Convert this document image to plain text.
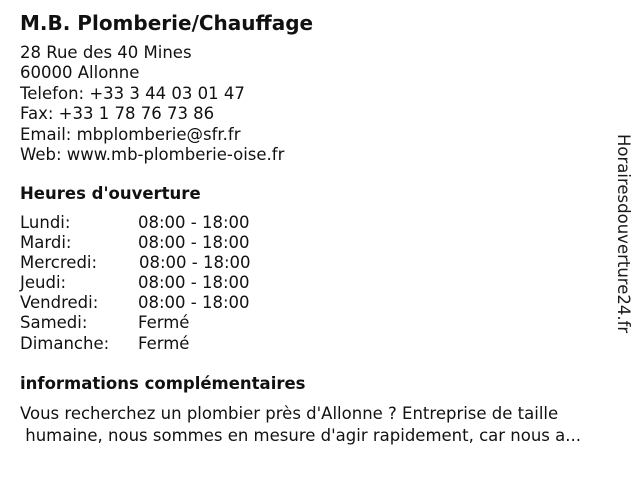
M.B. Plomberie/Chauffage
28 Rue des 40 Mines
60000 Allonne
Telefon: +33 3 44 03 01 47
Fax: +33 1 78 76 73 86
Email: mbplomberie@sfr.fr
Web: www.mb-plomberie-oise.fr
Heures d'ouverture
Lundi:	08:00 - 18:00
Mardi:	08:00 - 18:00
Mercredi:	08:00 - 18:00
Jeudi:	08:00 - 18:00
Vendredi: 08:00 - 18:00
Samedi:	Fermé
Dimanche: Fermé
informations complémentaires
Vous recherchez un plombier près d'Allonne ? Entreprise de taille
humaine, nous sommes en mesure d'agir rapidement, car nous a...
Horairesdouverture24.fr
